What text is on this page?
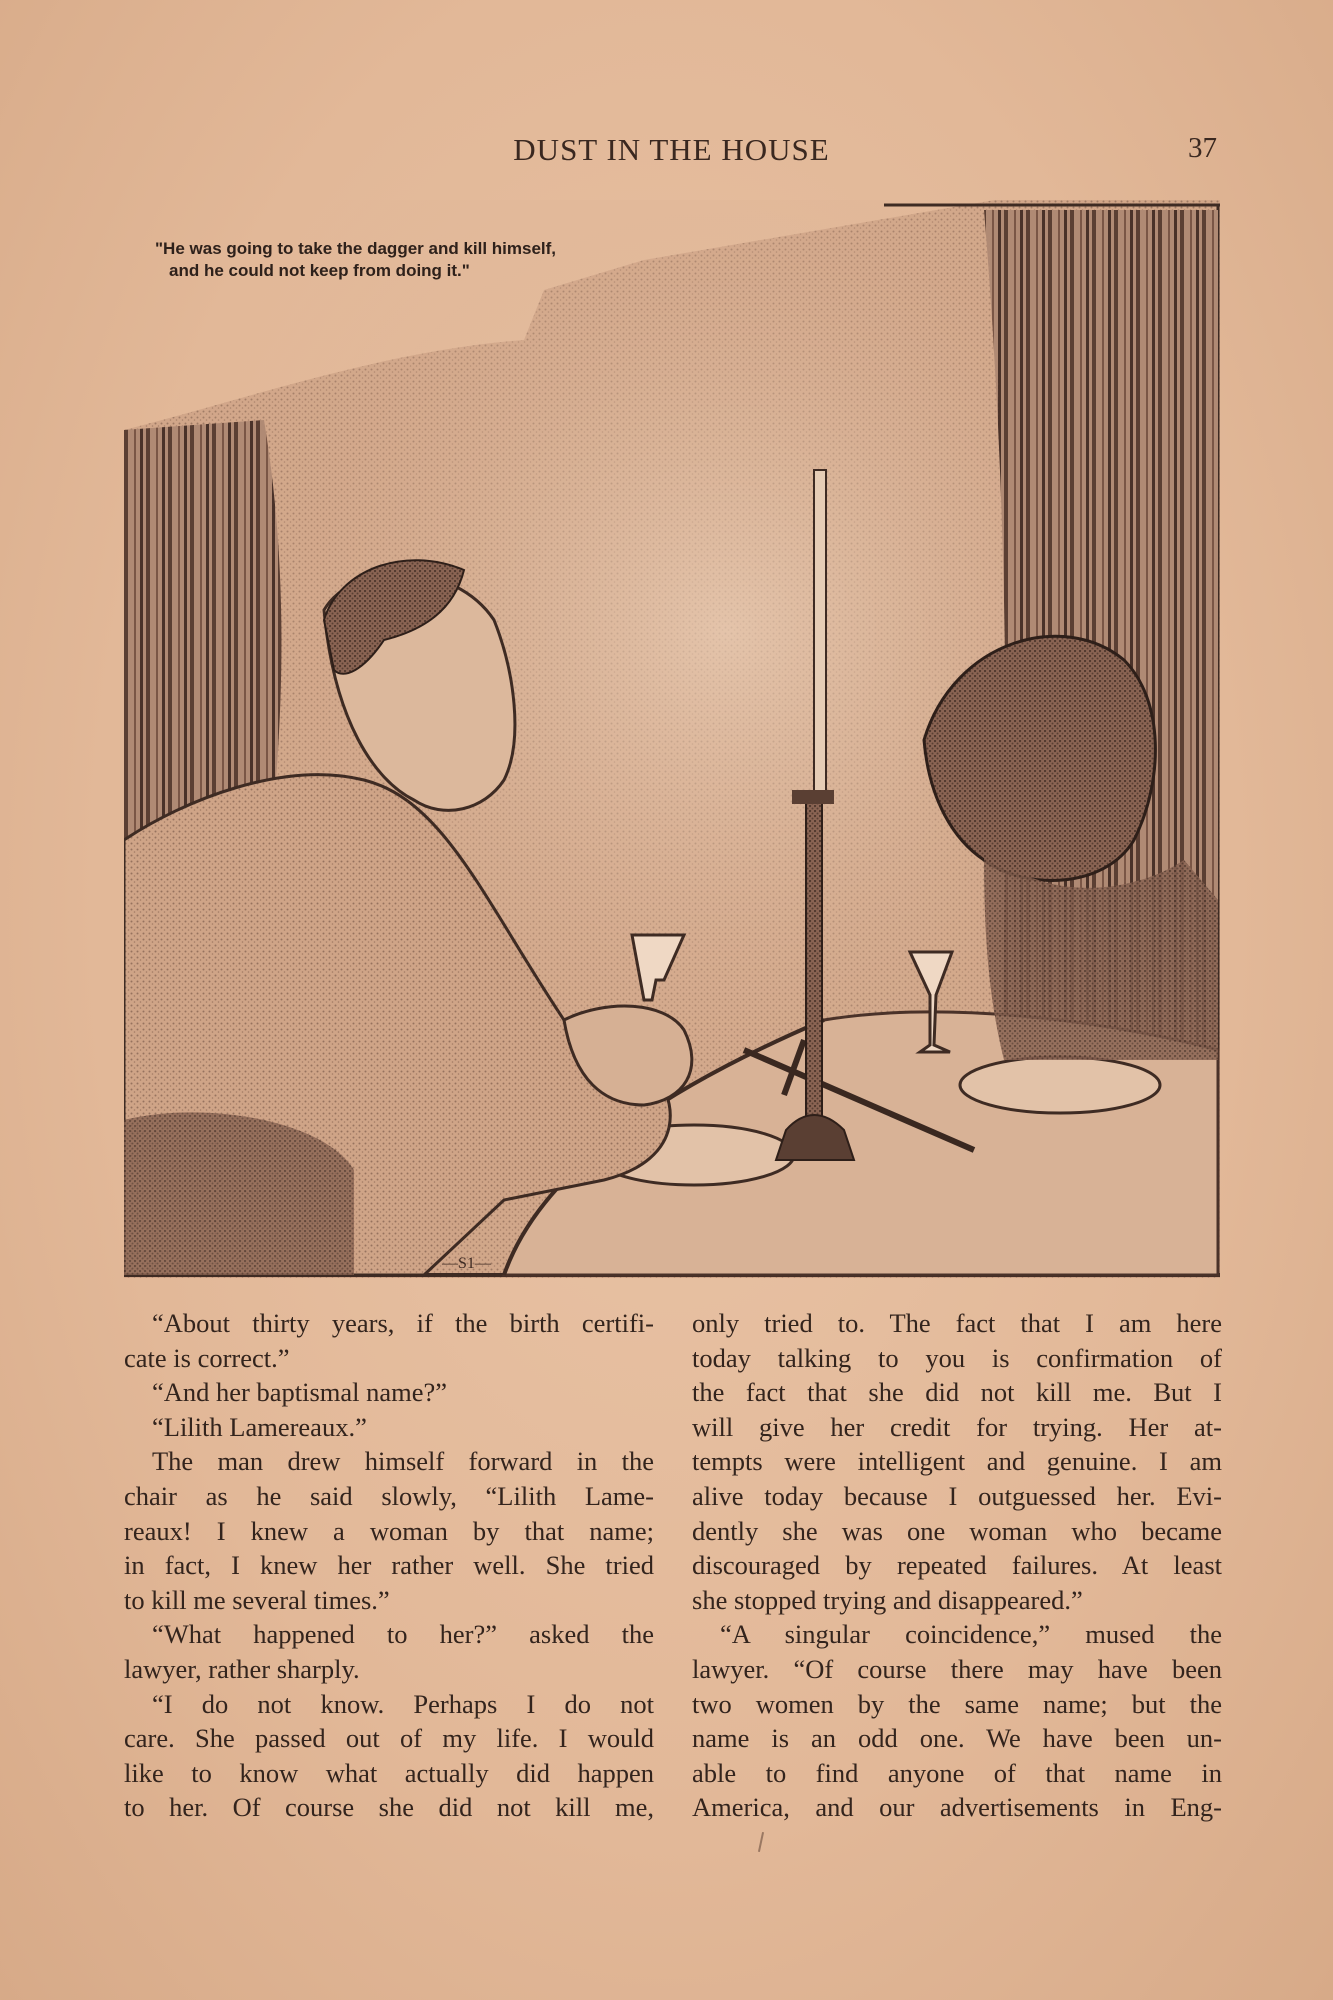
DUST IN THE HOUSE	37
—S1—
"He was going to take the dagger and kill himself,
and he could not keep from doing it."
“About thirty years, if the birth certifi-
cate is correct.”
“And her baptismal name?”
“Lilith Lamereaux.”
The man drew himself forward in the
chair as he said slowly, “Lilith Lame-
reaux! I knew a woman by that name;
in fact, I knew her rather well. She tried
to kill me several times.”
“What happened to her?” asked the
lawyer, rather sharply.
“I do not know. Perhaps I do not
care. She passed out of my life. I would
like to know what actually did happen
to her. Of course she did not kill me,
only tried to. The fact that I am here
today talking to you is confirmation of
the fact that she did not kill me. But I
will give her credit for trying. Her at-
tempts were intelligent and genuine. I am
alive today because I outguessed her. Evi-
dently she was one woman who became
discouraged by repeated failures. At least
she stopped trying and disappeared.”
“A singular coincidence,” mused the
lawyer. “Of course there may have been
two women by the same name; but the
name is an odd one. We have been un-
able to find anyone of that name in
America, and our advertisements in Eng-
